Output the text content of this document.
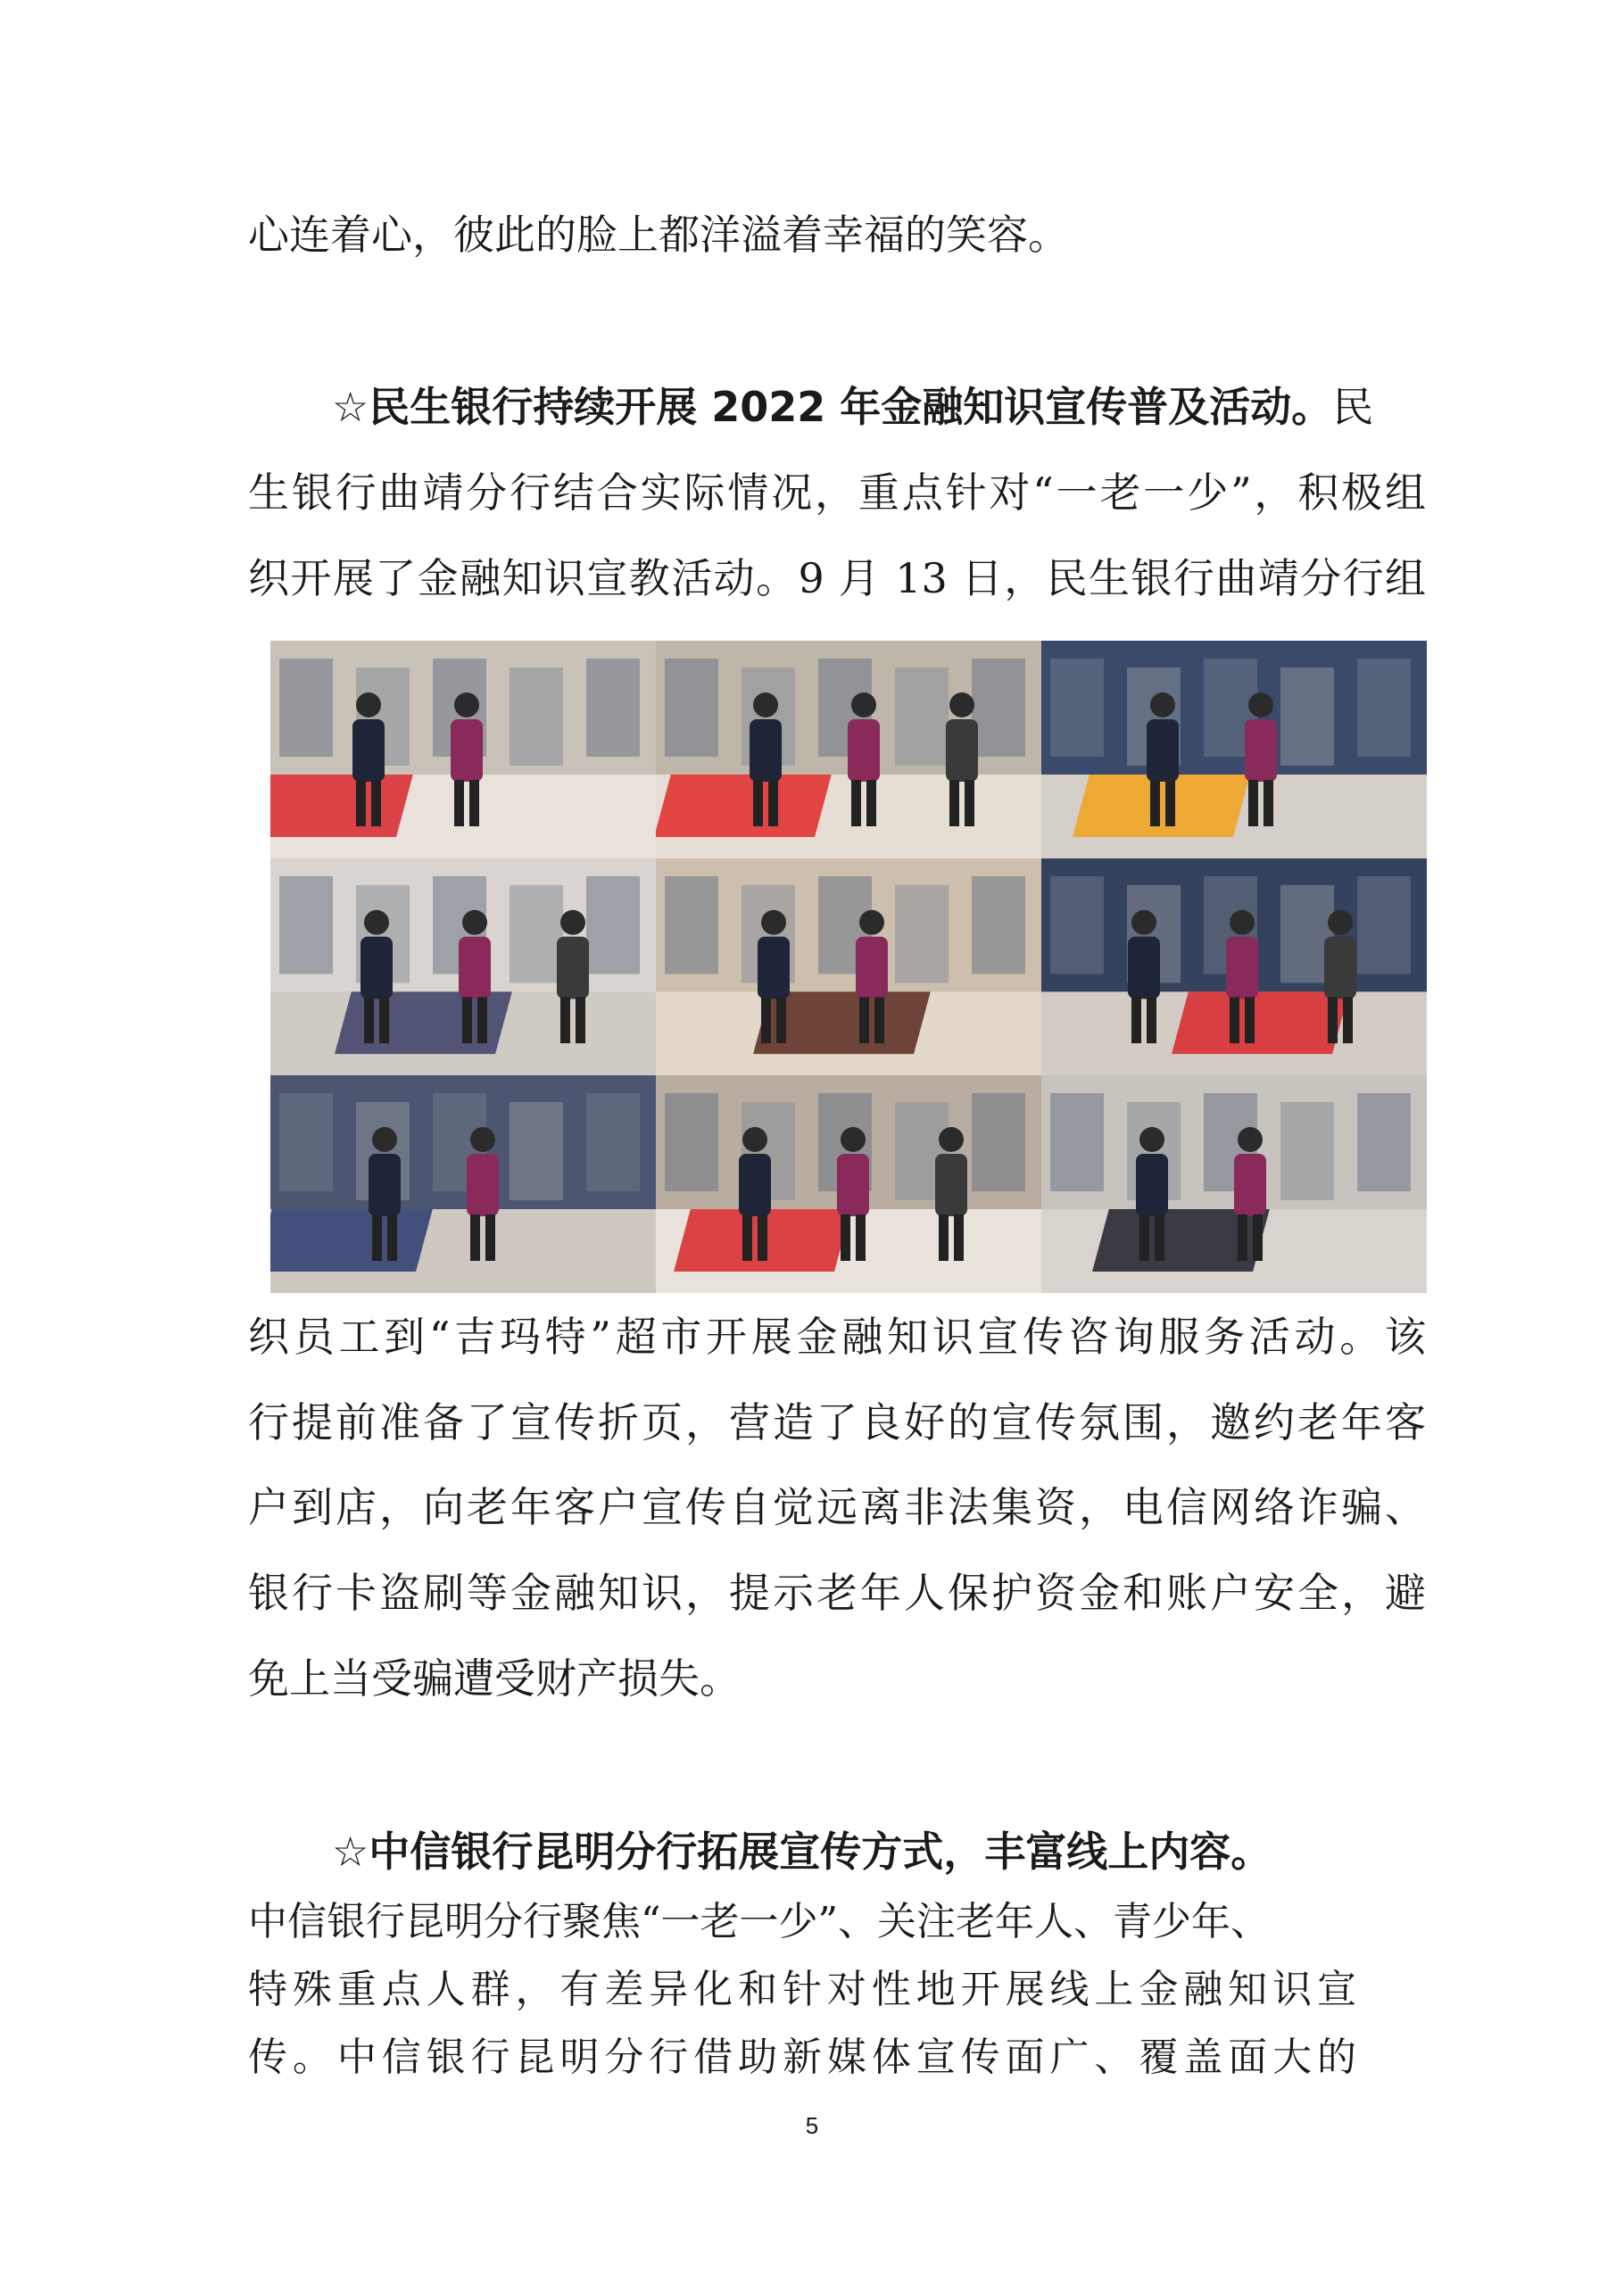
心连着心，彼此的脸上都洋溢着幸福的笑容。
☆民生银行持续开展 2022 年金融知识宣传普及活动。民
生银行曲靖分行结合实际情况，重点针对“一老一少”，积极组
织开展了金融知识宣教活动。9 月 13 日，民生银行曲靖分行组
织员工到“吉玛特”超市开展金融知识宣传咨询服务活动。该
行提前准备了宣传折页，营造了良好的宣传氛围，邀约老年客
户到店，向老年客户宣传自觉远离非法集资，电信网络诈骗、
银行卡盗刷等金融知识，提示老年人保护资金和账户安全，避
免上当受骗遭受财产损失。
☆中信银行昆明分行拓展宣传方式，丰富线上内容。
中信银行昆明分行聚焦“一老一少”、关注老年人、青少年、
特殊重点人群，有差异化和针对性地开展线上金融知识宣
传。中信银行昆明分行借助新媒体宣传面广、覆盖面大的
5
